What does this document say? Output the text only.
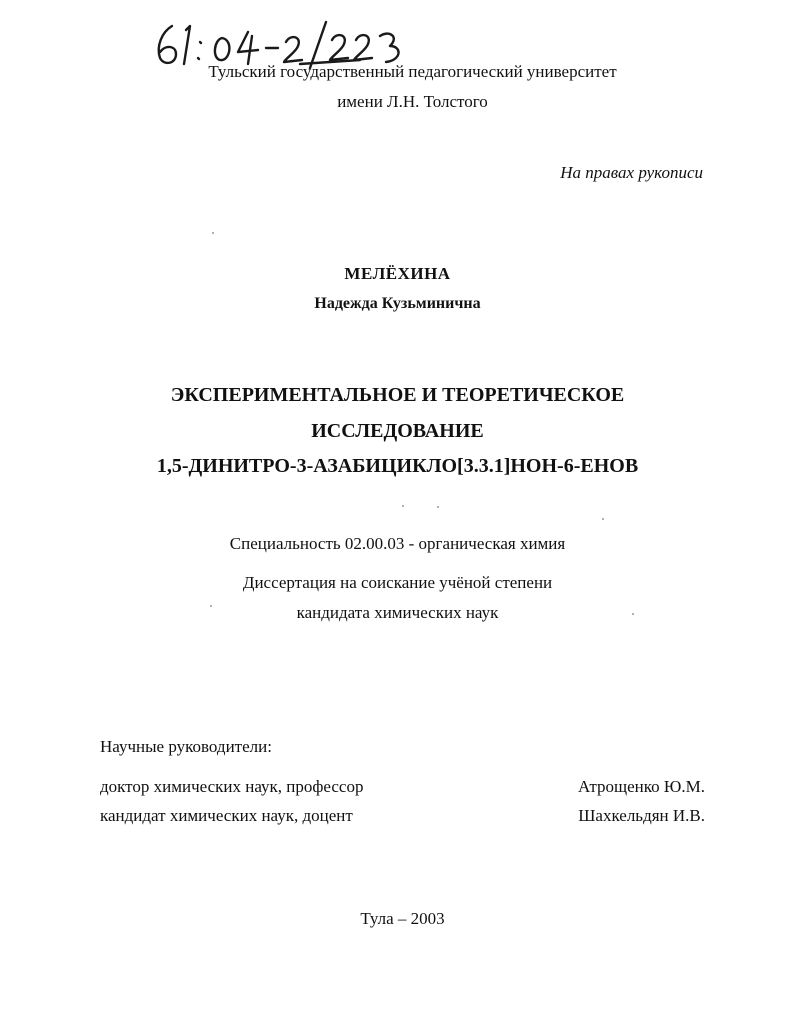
Тульский государственный педагогический университет
имени Л.Н. Толстого
На правах рукописи
МЕЛЁХИНА
Надежда Кузьминична
ЭКСПЕРИМЕНТАЛЬНОЕ И ТЕОРЕТИЧЕСКОЕ
ИССЛЕДОВАНИЕ
1,5-ДИНИТРО-3-АЗАБИЦИКЛО[3.3.1]НОН-6-ЕНОВ
Специальность 02.00.03 - органическая химия
Диссертация на соискание учёной степени
кандидата химических наук
Научные руководители:
доктор химических наук, профессор	Атрощенко Ю.М.
кандидат химических наук, доцент	Шахкельдян И.В.
Тула – 2003
